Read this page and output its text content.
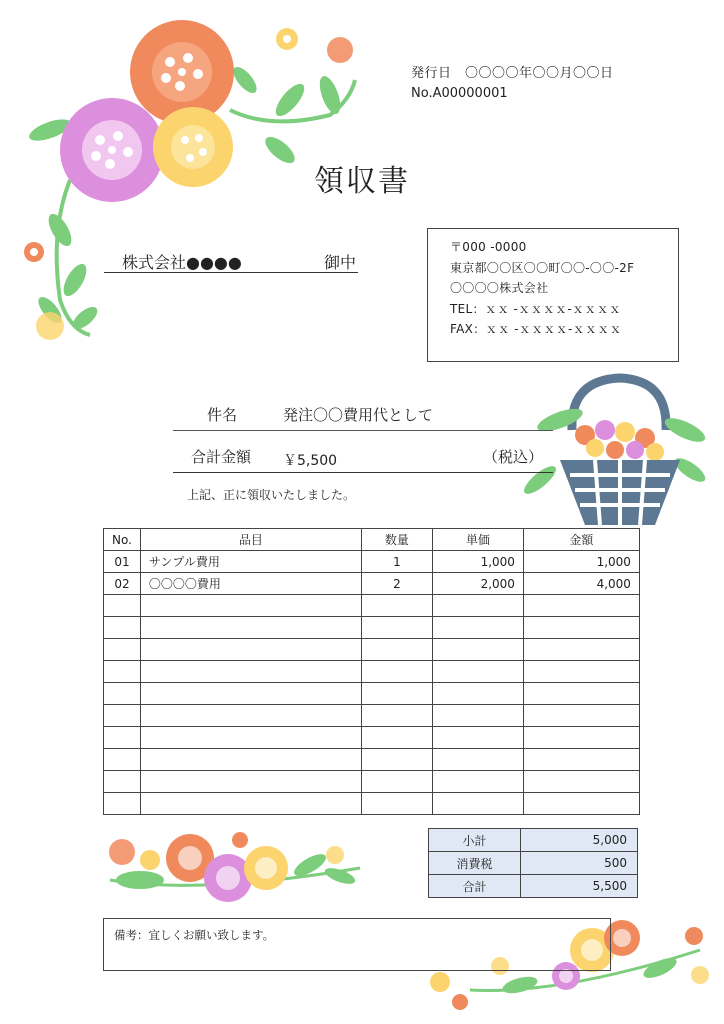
発行日　 〇〇〇〇年〇〇月〇〇日
No.A00000001
領収書
株式会社●●●●	御中
〒000 -0000
東京都〇〇区〇〇町〇〇-〇〇-2F
〇〇〇〇株式会社
TEL：ｘｘ -ｘｘｘｘ-ｘｘｘｘ
FAX：ｘｘ -ｘｘｘｘ-ｘｘｘｘ
件名	発注〇〇費用代として
合計金額 ￥5,500	（税込）
上記、正に領収いたしました。
No.	品目	数量	単価	金額
01	サンプル費用	1	1,000	1,000
02	〇〇〇〇費用	2	2,000	4,000

小計	5,000
消費税	500
合計	5,500
備考：宜しくお願い致します。
